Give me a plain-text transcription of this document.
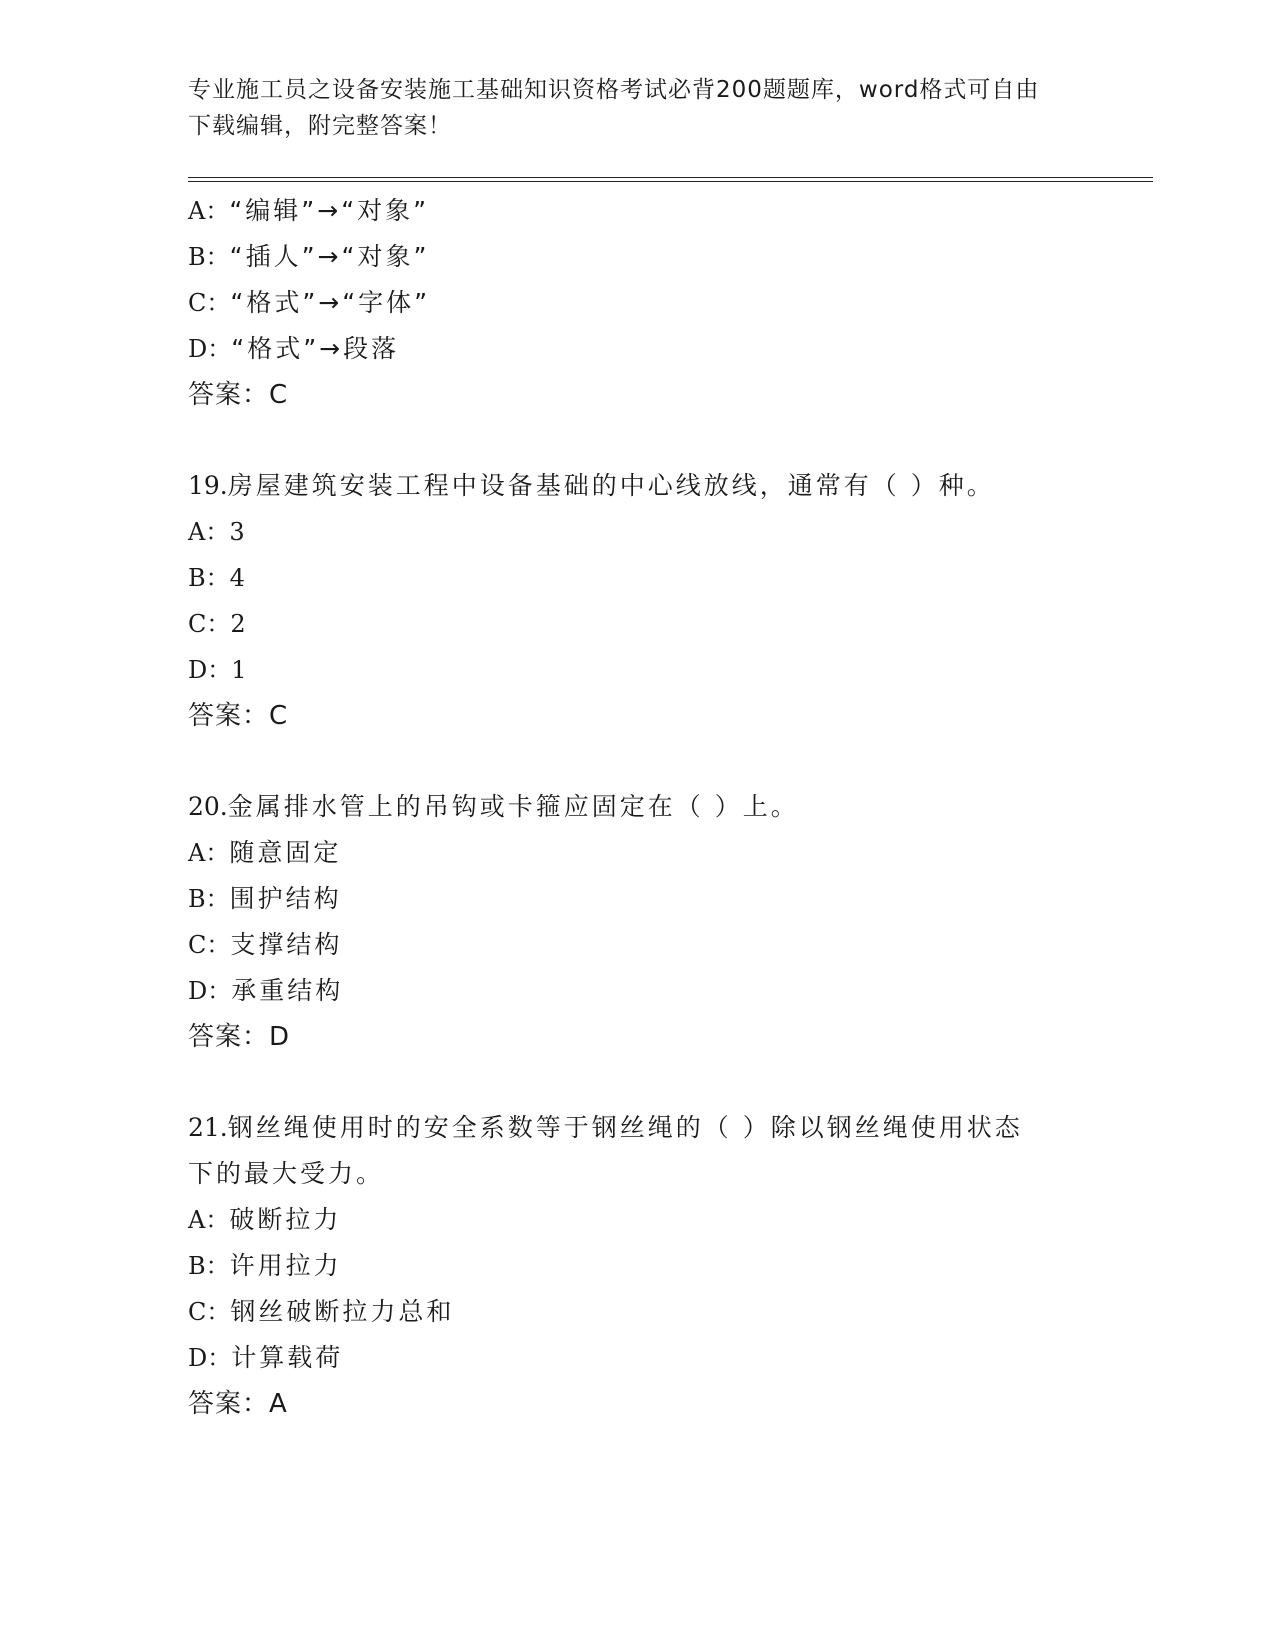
专业施工员之设备安装施工基础知识资格考试必背200题题库，word格式可自由
下载编辑，附完整答案！
A：“编辑”→“对象”
B：“插人”→“对象”
C：“格式”→“字体”
D：“格式”→段落
答案：C
19.房屋建筑安装工程中设备基础的中心线放线，通常有（ ）种。
A：3
B：4
C：2
D：1
答案：C
20.金属排水管上的吊钩或卡箍应固定在（ ）上。
A：随意固定
B：围护结构
C：支撑结构
D：承重结构
答案：D
21.钢丝绳使用时的安全系数等于钢丝绳的（ ）除以钢丝绳使用状态
下的最大受力。
A：破断拉力
B：许用拉力
C：钢丝破断拉力总和
D：计算载荷
答案：A
